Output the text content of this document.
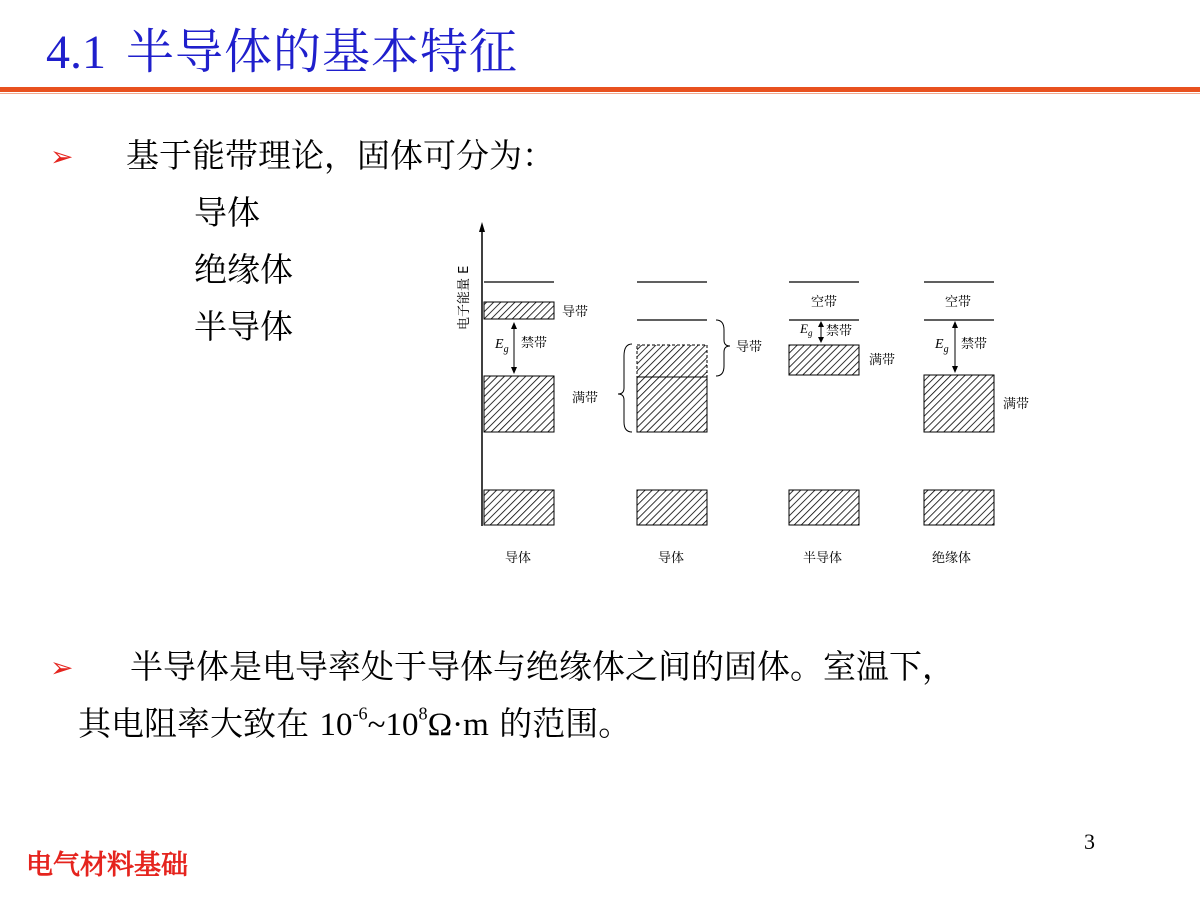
4.1 半导体的基本特征
➢ 基于能带理论，固体可分为：
导体
绝缘体
半导体	电子能量 E	导带
$E_g$ 禁带
满带
导带
空带
$E_g$ 禁带
满带
空带
$E_g$ 禁带
满带
导体	导体	半导体	绝缘体
➢ 半导体是电导率处于导体与绝缘体之间的固体。室温下，
其电阻率大致在 $10^{-6}\sim 10^8\Omega\cdot m$ 的范围。
3
电气材料基础
